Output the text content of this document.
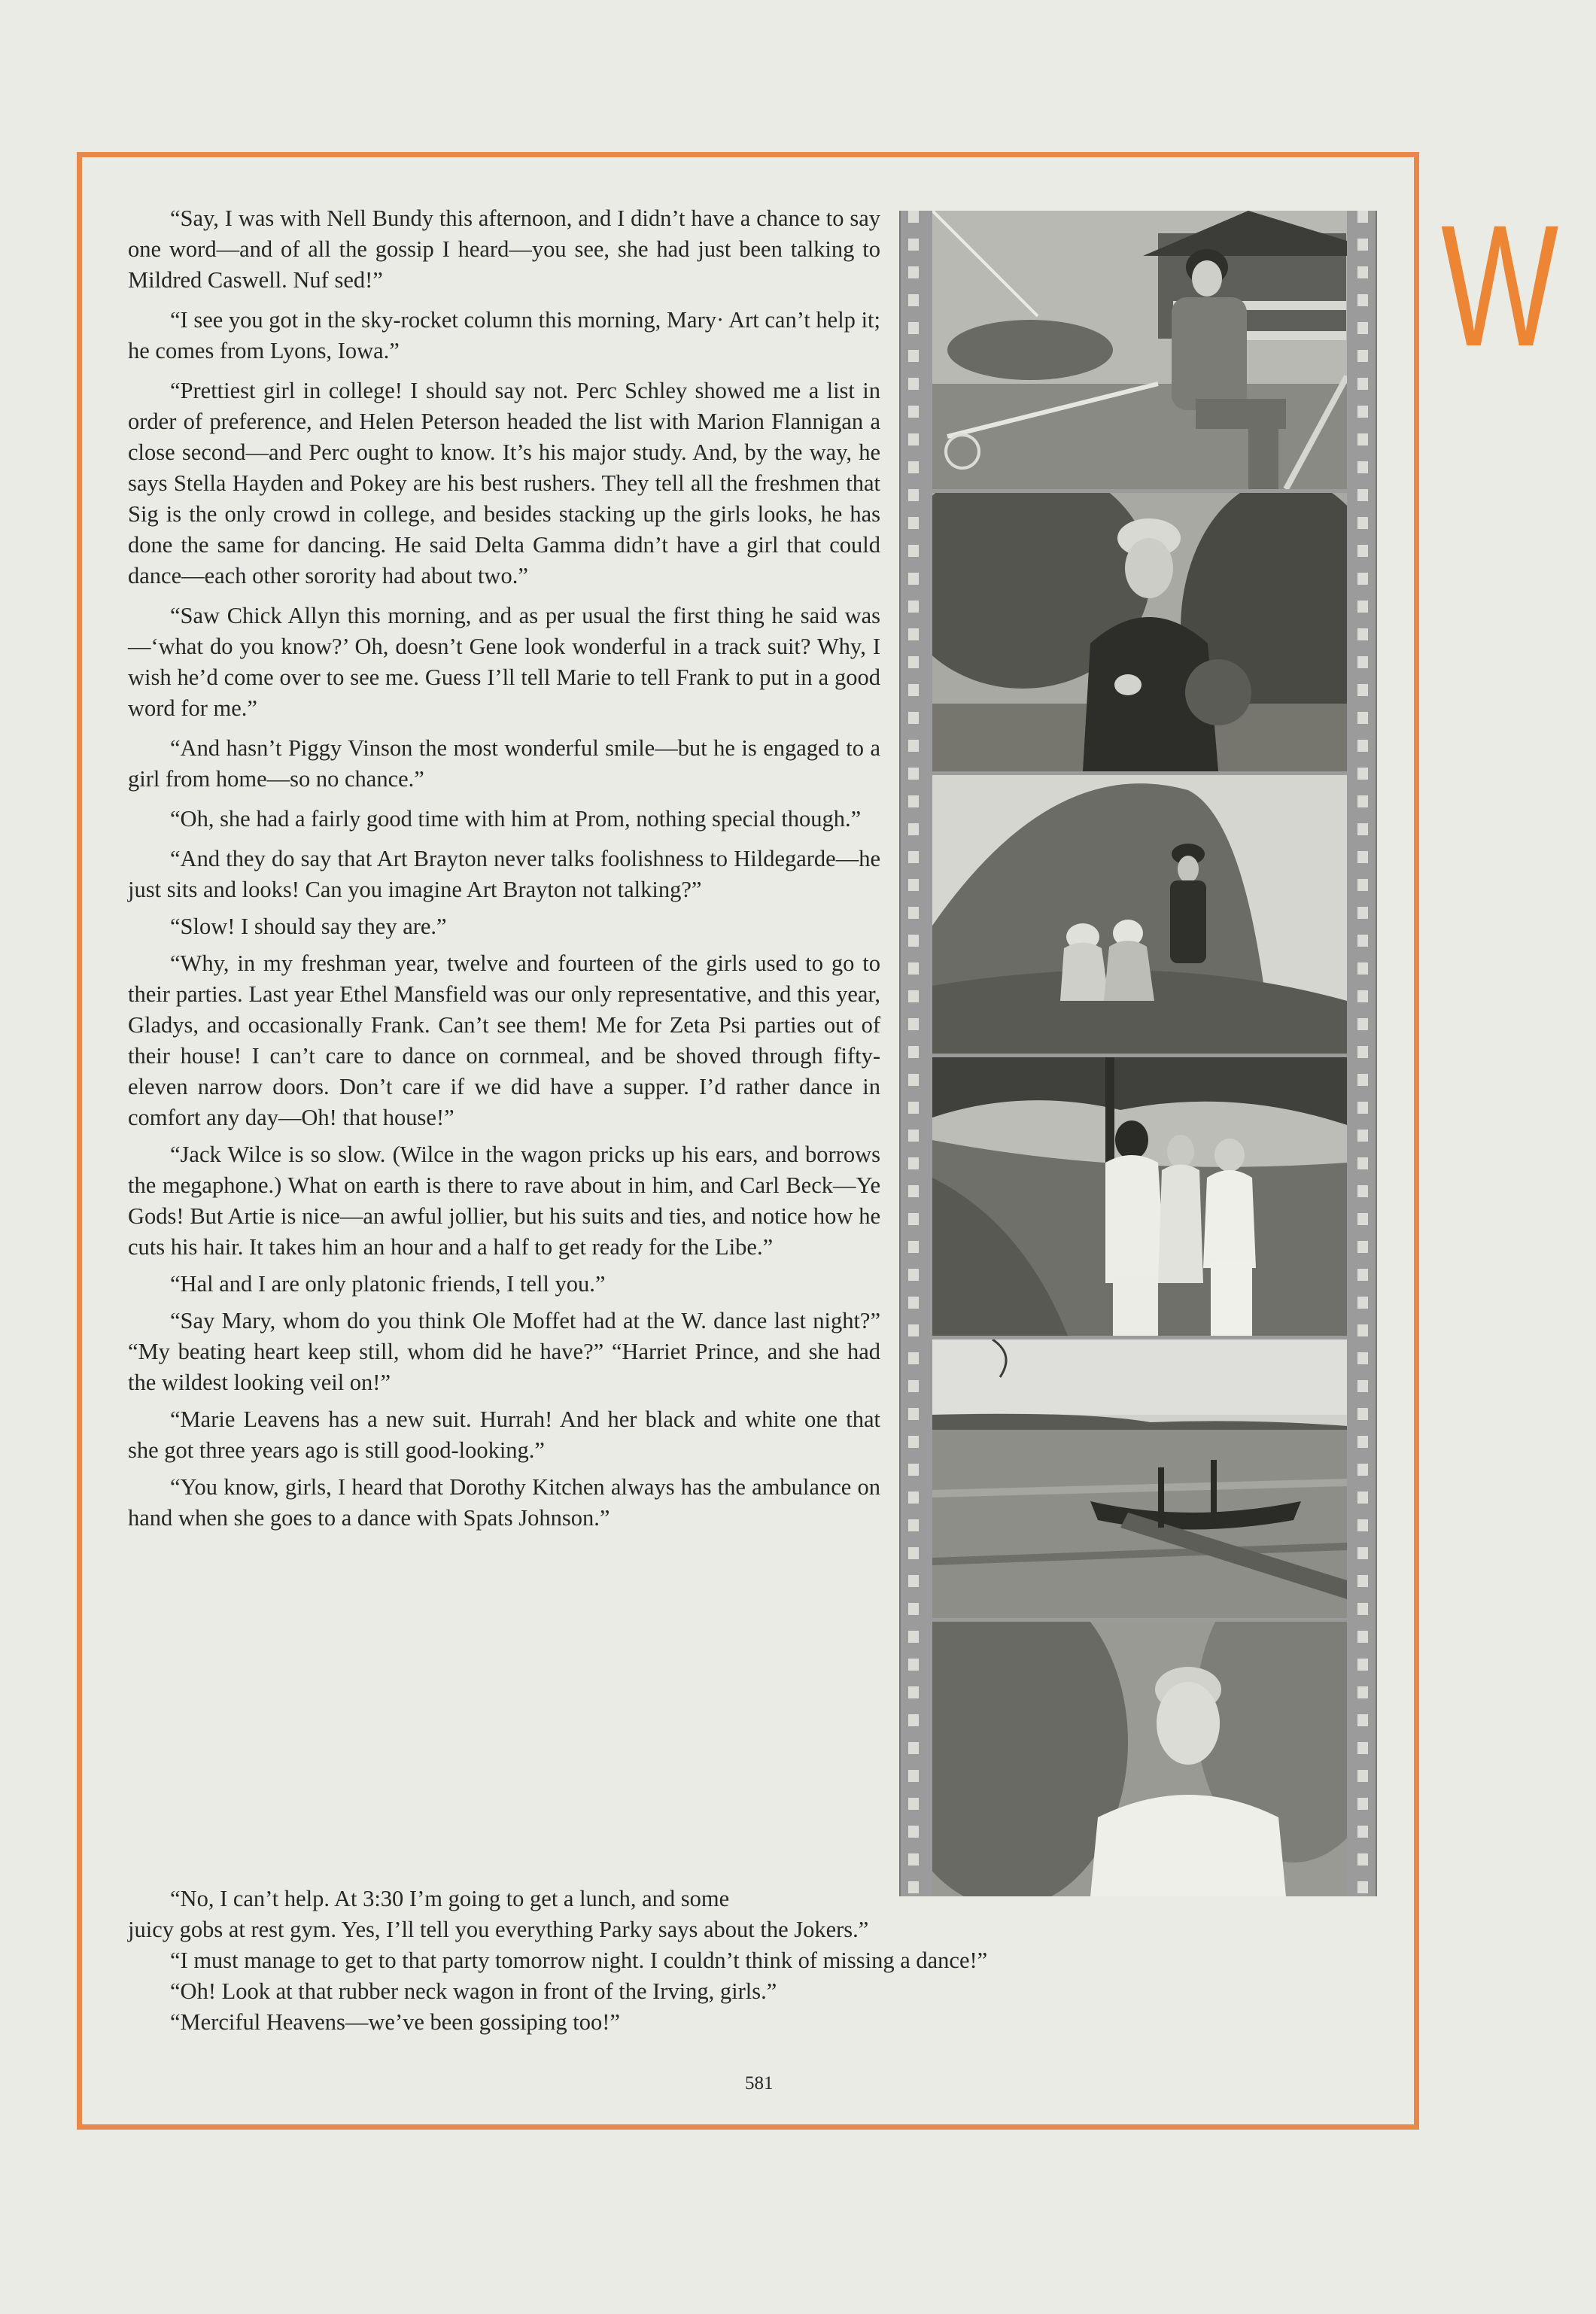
W

“Say, I was with Nell Bundy this afternoon, and I didn’t have a chance to say one word—and of all the gossip I heard—you see, she had just been talking to Mildred Caswell. Nuf sed!”

“I see you got in the sky-rocket column this morning, Mary· Art can’t help it; he comes from Lyons, Iowa.”

“Prettiest girl in college! I should say not. Perc Schley showed me a list in order of preference, and Helen Peterson headed the list with Marion Flannigan a close second—and Perc ought to know. It’s his major study. And, by the way, he says Stella Hayden and Pokey are his best rushers. They tell all the freshmen that Sig is the only crowd in college, and besides stacking up the girls looks, he has done the same for dancing. He said Delta Gamma didn’t have a girl that could dance—each other sorority had about two.”

“Saw Chick Allyn this morning, and as per usual the first thing he said was—‘what do you know?’ Oh, doesn’t Gene look wonderful in a track suit? Why, I wish he’d come over to see me. Guess I’ll tell Marie to tell Frank to put in a good word for me.”

“And hasn’t Piggy Vinson the most wonderful smile—but he is engaged to a girl from home—so no chance.”

“Oh, she had a fairly good time with him at Prom, nothing special though.”

“And they do say that Art Brayton never talks foolishness to Hildegarde—he just sits and looks! Can you imagine Art Brayton not talking?”

“Slow! I should say they are.”

“Why, in my freshman year, twelve and fourteen of the girls used to go to their parties. Last year Ethel Mansfield was our only representative, and this year, Gladys, and occasionally Frank. Can’t see them! Me for Zeta Psi parties out of their house! I can’t care to dance on cornmeal, and be shoved through fifty-eleven narrow doors. Don’t care if we did have a supper. I’d rather dance in comfort any day—Oh! that house!”

“Jack Wilce is so slow. (Wilce in the wagon pricks up his ears, and borrows the megaphone.) What on earth is there to rave about in him, and Carl Beck—Ye Gods! But Artie is nice—an awful jollier, but his suits and ties, and notice how he cuts his hair. It takes him an hour and a half to get ready for the Libe.”

“Hal and I are only platonic friends, I tell you.”

“Say Mary, whom do you think Ole Moffet had at the W. dance last night?” “My beating heart keep still, whom did he have?” “Harriet Prince, and she had the wildest looking veil on!”

“Marie Leavens has a new suit. Hurrah! And her black and white one that she got three years ago is still good-looking.”

“You know, girls, I heard that Dorothy Kitchen always has the ambulance on hand when she goes to a dance with Spats Johnson.”

“No, I can’t help. At 3:30 I’m going to get a lunch, and some

juicy gobs at rest gym. Yes, I’ll tell you everything Parky says about the Jokers.”

“I must manage to get to that party tomorrow night. I couldn’t think of missing a dance!”

“Oh! Look at that rubber neck wagon in front of the Irving, girls.”

“Merciful Heavens—we’ve been gossiping too!”

581
